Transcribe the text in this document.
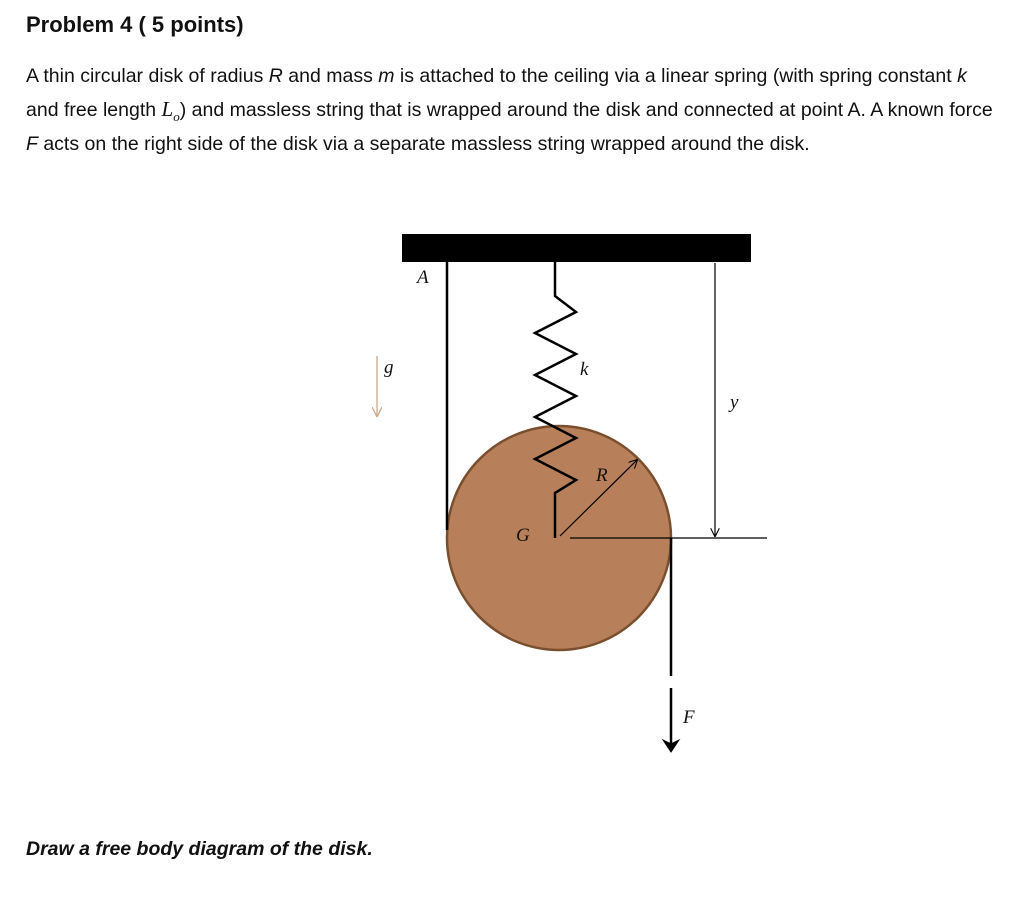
Problem 4 ( 5 points)

A thin circular disk of radius R and mass m is attached to the ceiling via a linear spring (with spring constant k and free length $L_o$) and massless string that is wrapped around the disk and connected at point A. A known force F acts on the right side of the disk via a separate massless string wrapped around the disk.

A
g	k
y
R
G
F

Draw a free body diagram of the disk.
